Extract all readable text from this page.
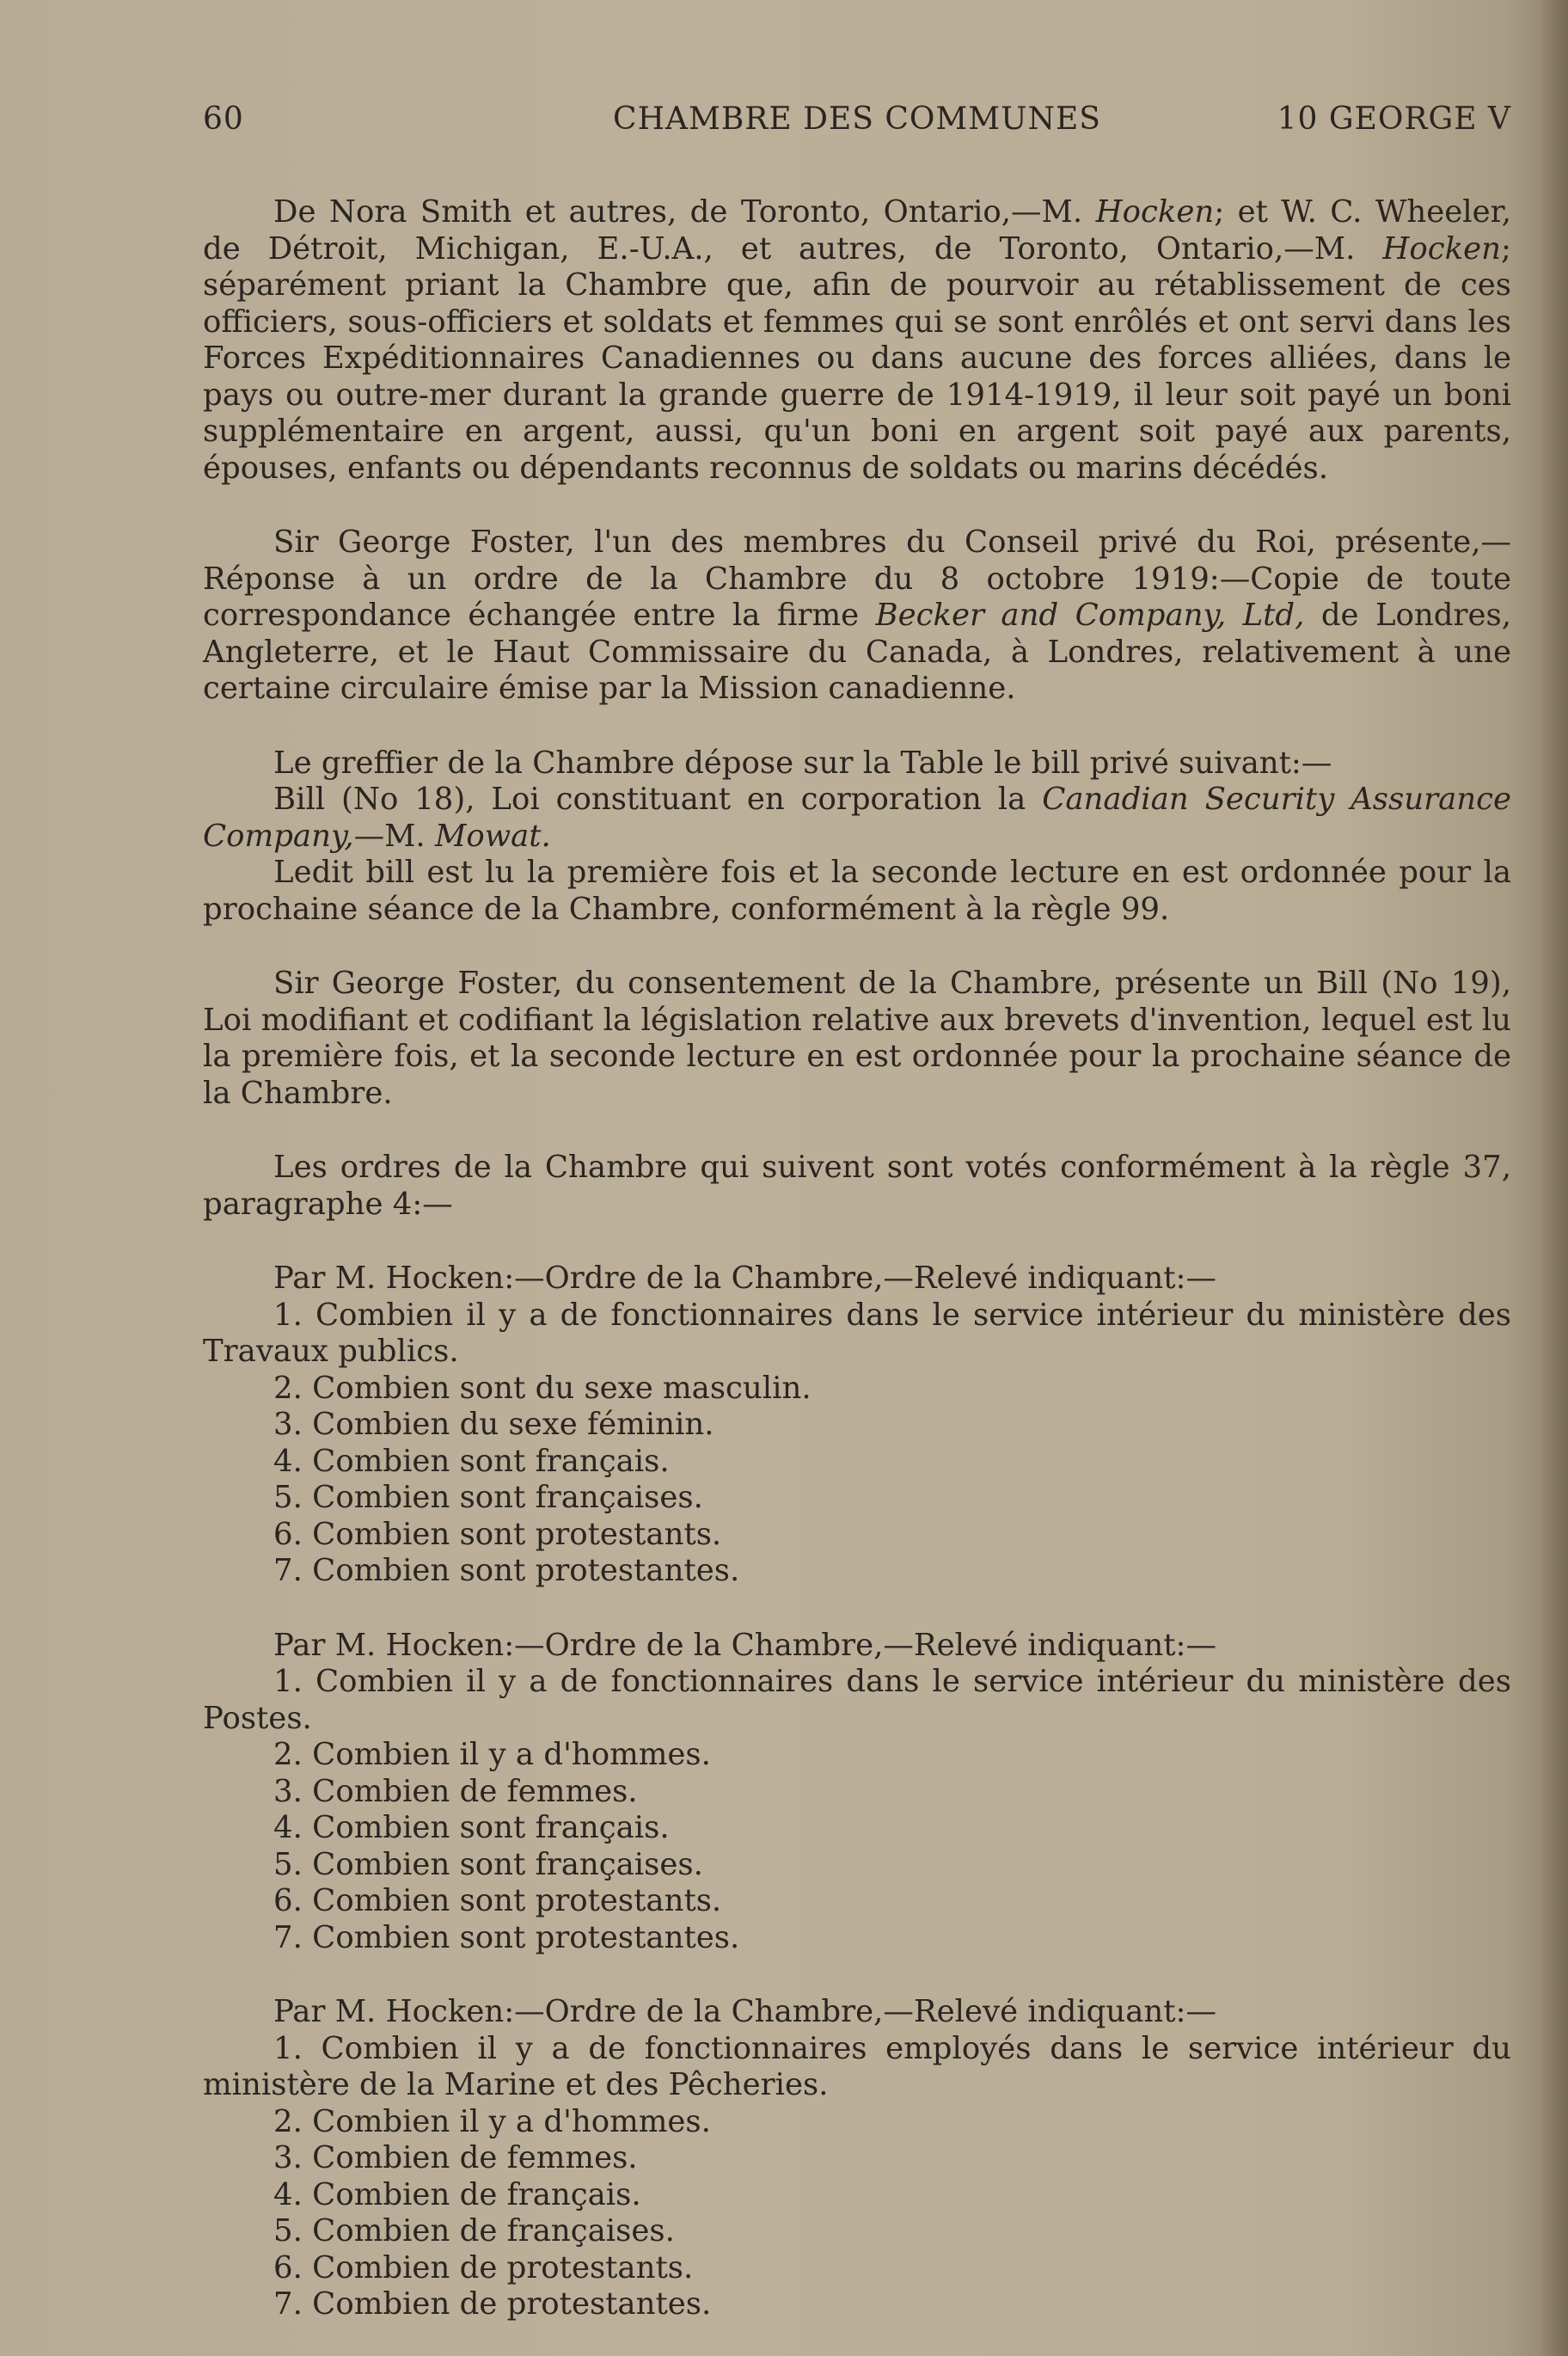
CHAMBRE DES COMMUNES
60	10 GEORGE V

De Nora Smith et autres, de Toronto, Ontario,—M. Hocken; et W. C. Wheeler, de Détroit, Michigan, E.-U.A., et autres, de Toronto, Ontario,—M. Hocken; séparément priant la Chambre que, afin de pourvoir au rétablissement de ces officiers, sous-officiers et soldats et femmes qui se sont enrôlés et ont servi dans les Forces Expéditionnaires Canadiennes ou dans aucune des forces alliées, dans le pays ou outre-mer durant la grande guerre de 1914-1919, il leur soit payé un boni supplémentaire en argent, aussi, qu'un boni en argent soit payé aux parents, épouses, enfants ou dépendants reconnus de soldats ou marins décédés.

Sir George Foster, l'un des membres du Conseil privé du Roi, présente,—Réponse à un ordre de la Chambre du 8 octobre 1919:—Copie de toute correspondance échangée entre la firme Becker and Company, Ltd, de Londres, Angleterre, et le Haut Commissaire du Canada, à Londres, relativement à une certaine circulaire émise par la Mission canadienne.

Le greffier de la Chambre dépose sur la Table le bill privé suivant:—

Bill (No 18), Loi constituant en corporation la Canadian Security Assurance Company,—M. Mowat.

Ledit bill est lu la première fois et la seconde lecture en est ordonnée pour la prochaine séance de la Chambre, conformément à la règle 99.

Sir George Foster, du consentement de la Chambre, présente un Bill (No 19), Loi modifiant et codifiant la législation relative aux brevets d'invention, lequel est lu la première fois, et la seconde lecture en est ordonnée pour la prochaine séance de la Chambre.

Les ordres de la Chambre qui suivent sont votés conformément à la règle 37, paragraphe 4:—

Par M. Hocken:—Ordre de la Chambre,—Relevé indiquant:—

1. Combien il y a de fonctionnaires dans le service intérieur du ministère des Travaux publics.

2. Combien sont du sexe masculin.

3. Combien du sexe féminin.

4. Combien sont français.

5. Combien sont françaises.

6. Combien sont protestants.

7. Combien sont protestantes.

Par M. Hocken:—Ordre de la Chambre,—Relevé indiquant:—

1. Combien il y a de fonctionnaires dans le service intérieur du ministère des Postes.

2. Combien il y a d'hommes.

3. Combien de femmes.

4. Combien sont français.

5. Combien sont françaises.

6. Combien sont protestants.

7. Combien sont protestantes.

Par M. Hocken:—Ordre de la Chambre,—Relevé indiquant:—

1. Combien il y a de fonctionnaires employés dans le service intérieur du ministère de la Marine et des Pêcheries.

2. Combien il y a d'hommes.

3. Combien de femmes.

4. Combien de français.

5. Combien de françaises.

6. Combien de protestants.

7. Combien de protestantes.
